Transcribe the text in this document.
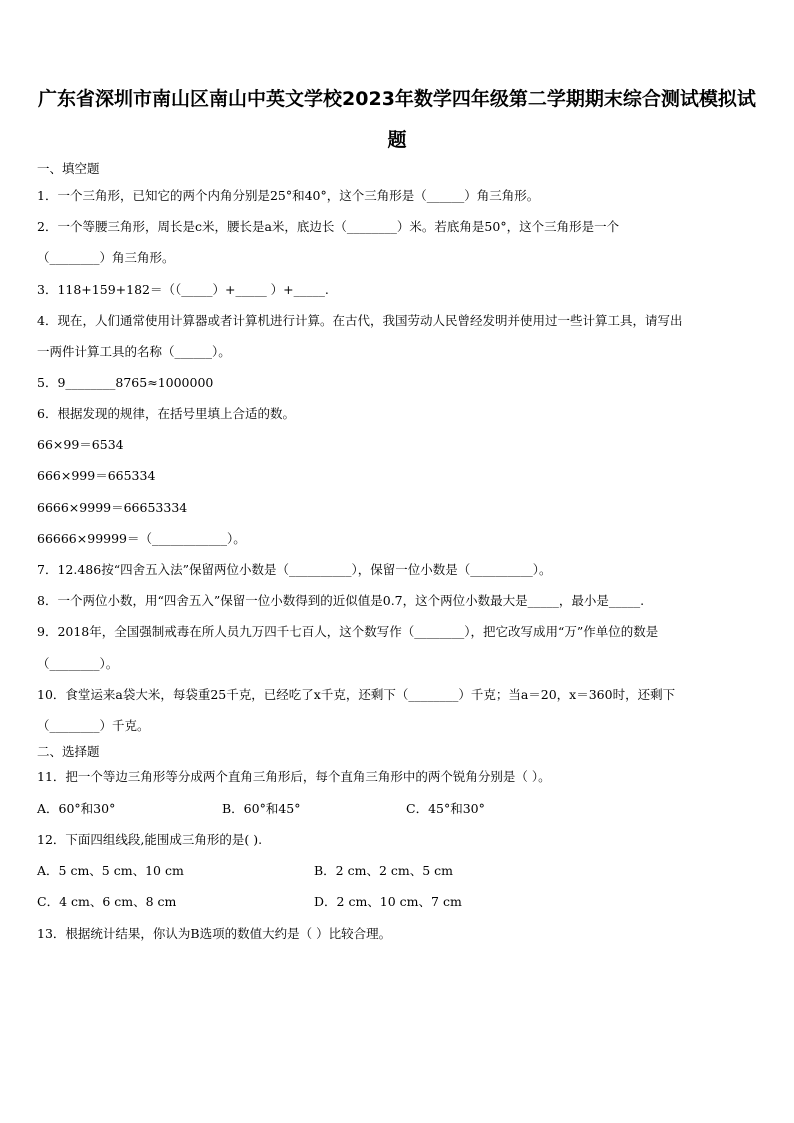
广东省深圳市南山区南山中英文学校2023年数学四年级第二学期期末综合测试模拟试
题
一、填空题
1．一个三角形，已知它的两个内角分别是25°和40°，这个三角形是（______）角三角形。
2．一个等腰三角形，周长是c米，腰长是a米，底边长（________）米。若底角是50°，这个三角形是一个
（________）角三角形。
3．118+159+182＝（（_____）+_____ ）+_____.
4．现在，人们通常使用计算器或者计算机进行计算。在古代，我国劳动人民曾经发明并使用过一些计算工具，请写出
一两件计算工具的名称（______）。
5．9________8765≈1000000
6．根据发现的规律，在括号里填上合适的数。
66×99＝6534
666×999＝665334
6666×9999＝66653334
66666×99999＝（____________）。
7．12.486按“四舍五入法”保留两位小数是（__________），保留一位小数是（__________）。
8．一个两位小数，用“四舍五入”保留一位小数得到的近似值是0.7，这个两位小数最大是_____，最小是_____.
9．2018年，全国强制戒毒在所人员九万四千七百人，这个数写作（________），把它改写成用“万”作单位的数是
（________）。
10．食堂运来a袋大米，每袋重25千克，已经吃了x千克，还剩下（________）千克；当a＝20，x＝360时，还剩下
（________）千克。
二、选择题
11．把一个等边三角形等分成两个直角三角形后，每个直角三角形中的两个锐角分别是（ ）。
A．60°和30°	B．60°和45°	C．45°和30°
12．下面四组线段,能围成三角形的是( ).
A．5 cm、5 cm、10 cm	B．2 cm、2 cm、5 cm
C．4 cm、6 cm、8 cm	D．2 cm、10 cm、7 cm
13．根据统计结果，你认为B选项的数值大约是（ ）比较合理。
